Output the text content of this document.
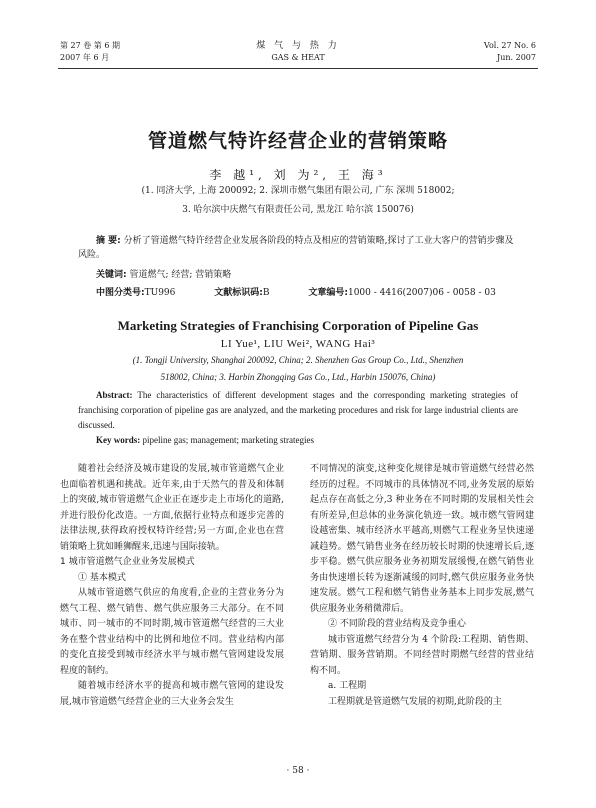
第 27 卷 第 6 期
2007 年 6 月
煤 气 与 热 力
GAS & HEAT
Vol. 27 No. 6
Jun. 2007
管道燃气特许经营企业的营销策略
李 越¹, 刘 为², 王 海³
(1. 同济大学, 上海 200092; 2. 深圳市燃气集团有限公司, 广东 深圳 518002;
3. 哈尔滨中庆燃气有限责任公司, 黑龙江 哈尔滨 150076)
摘 要: 分析了管道燃气特许经营企业发展各阶段的特点及相应的营销策略,探讨了工业大客户的营销步骤及风险。
关键词: 管道燃气; 经营; 营销策略
中图分类号:TU996	文献标识码:B	文章编号:1000 - 4416(2007)06 - 0058 - 03
Marketing Strategies of Franchising Corporation of Pipeline Gas
LI Yue¹, LIU Wei², WANG Hai³
(1. Tongji University, Shanghai 200092, China; 2. Shenzhen Gas Group Co., Ltd., Shenzhen
518002, China; 3. Harbin Zhongqing Gas Co., Ltd., Harbin 150076, China)
Abstract: The characteristics of different development stages and the corresponding marketing strategies of franchising corporation of pipeline gas are analyzed, and the marketing procedures and risk for large industrial clients are discussed.
Key words: pipeline gas; management; marketing strategies

随着社会经济及城市建设的发展,城市管道燃气企业也面临着机遇和挑战。近年来,由于天然气的普及和体制上的突破,城市管道燃气企业正在逐步走上市场化的道路,并进行股份化改造。一方面,依据行业特点和逐步完善的法律法规,获得政府授权特许经营;另一方面,企业也在营销策略上犹如睡狮醒来,迅速与国际接轨。

1 城市管道燃气企业业务发展模式

① 基本模式

从城市管道燃气供应的角度看,企业的主营业务分为燃气工程、燃气销售、燃气供应服务三大部分。在不同城市、同一城市的不同时期,城市管道燃气经营的三大业务在整个营业结构中的比例和地位不同。营业结构内部的变化直接受到城市经济水平与城市燃气管网建设发展程度的制约。

随着城市经济水平的提高和城市燃气管网的建设发展,城市管道燃气经营企业的三大业务会发生

不同情况的演变,这种变化规律是城市管道燃气经营必然经历的过程。不同城市的具体情况不同,业务发展的原始起点存在高低之分,3 种业务在不同时期的发展相关性会有所差异,但总体的业务演化轨迹一致。城市燃气管网建设越密集、城市经济水平越高,则燃气工程业务呈快速递减趋势。燃气销售业务在经历较长时期的快速增长后,逐步平稳。燃气供应服务业务初期发展缓慢,在燃气销售业务由快速增长转为逐渐减缓的同时,燃气供应服务业务快速发展。燃气工程和燃气销售业务基本上同步发展,燃气供应服务业务稍微滞后。

② 不同阶段的营业结构及竞争重心

城市管道燃气经营分为 4 个阶段:工程期、销售期、营销期、服务营销期。不同经营时期燃气经营的营业结构不同。

a. 工程期

工程期就是管道燃气发展的初期,此阶段的主

· 58 ·
